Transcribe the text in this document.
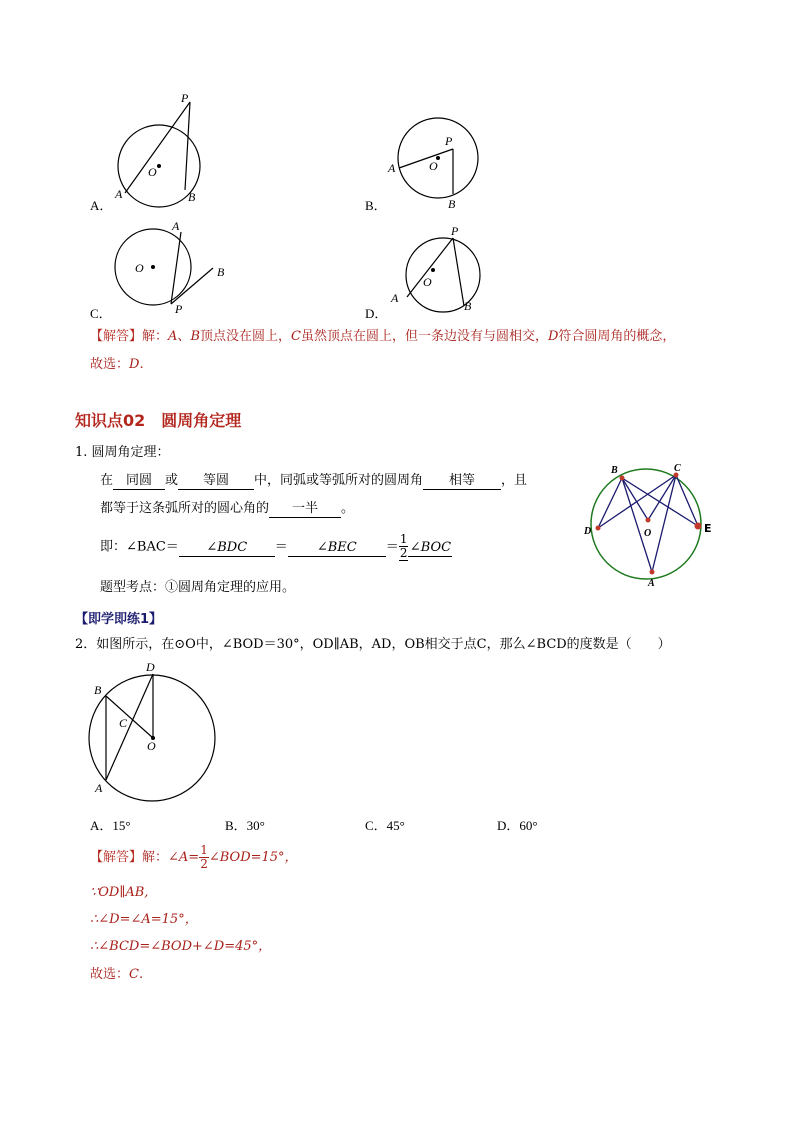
P
O
A	B
A．
P
O
A
B
B．
O
A
B
P
C．
P
O
A
B
D．
【解答】解：A、B顶点没在圆上，C虽然顶点在圆上，但一条边没有与圆相交，D符合圆周角的概念，
故选：D.
知识点02　圆周角定理
1. 圆周角定理：
在 同圆 或 等圆 中，同弧或等弧所对的圆周角 相等 ，且
都等于这条弧所对的圆心角的 一半 。
即：∠BAC＝ ∠BDC ＝ ∠BEC ＝ $\frac{1}{2}$ ∠BOC
题型考点：①圆周角定理的应用。
B	C
D	O	E
A
【即学即练1】
2．如图所示，在⊙O中，∠BOD＝30°，OD∥AB，AD，OB相交于点C，那么∠BCD的度数是（　　）
D
B
C
O
A
A．15°	B．30°	C．45°	D．60°
【解答】解：∠A= $\frac{1}{2}$ ∠BOD=15°，
∵OD∥AB,
∴∠D=∠A=15°，
∴∠BCD=∠BOD+∠D=45°，
故选：C.
